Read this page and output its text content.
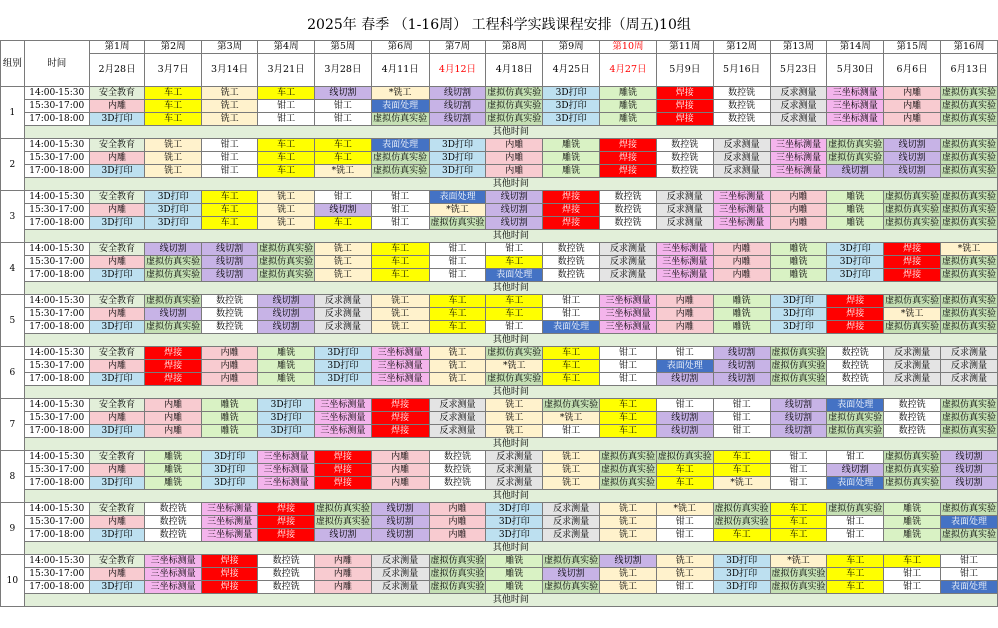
2025年 春季 （1-16周） 工程科学实践课程安排（周五)10组
组别	时间	第1周	第2周	第3周	第4周	第5周	第6周	第7周	第8周	第9周	第10周	第11周	第12周	第13周	第14周	第15周	第16周
		2月28日	3月7日	3月14日	3月21日	3月28日	4月11日	4月12日	4月18日	4月25日	4月27日	5月9日	5月16日	5月23日	5月30日	6月6日	6月13日
1	14:00-15:30	安全教育	车工	铣工	车工	线切割	*铣工	线切割	虚拟仿真实验	3D打印	雕铣	焊接	数控铣	反求测量	三坐标测量	内雕	虚拟仿真实验
	15:30-17:00	内雕	车工	铣工	钳工	钳工	表面处理	线切割	虚拟仿真实验	3D打印	雕铣	焊接	数控铣	反求测量	三坐标测量	内雕	虚拟仿真实验
	17:00-18:00	3D打印	车工	铣工	钳工	钳工	虚拟仿真实验	线切割	虚拟仿真实验	3D打印	雕铣	焊接	数控铣	反求测量	三坐标测量	内雕	虚拟仿真实验
	其他时间																
2	14:00-15:30	安全教育	铣工	钳工	车工	车工	表面处理	3D打印	内雕	雕铣	焊接	数控铣	反求测量	三坐标测量	虚拟仿真实验	线切割	虚拟仿真实验
	15:30-17:00	内雕	铣工	钳工	车工	车工	虚拟仿真实验	3D打印	内雕	雕铣	焊接	数控铣	反求测量	三坐标测量	虚拟仿真实验	线切割	虚拟仿真实验
	17:00-18:00	3D打印	铣工	钳工	车工	*铣工	虚拟仿真实验	3D打印	内雕	雕铣	焊接	数控铣	反求测量	三坐标测量	线切割	线切割	虚拟仿真实验
	其他时间																
3	14:00-15:30	安全教育	3D打印	车工	铣工	钳工	钳工	表面处理	线切割	焊接	数控铣	反求测量	三坐标测量	内雕	雕铣	虚拟仿真实验	虚拟仿真实验
	15:30-17:00	内雕	3D打印	车工	铣工	线切割	钳工	*铣工	线切割	焊接	数控铣	反求测量	三坐标测量	内雕	雕铣	虚拟仿真实验	虚拟仿真实验
	17:00-18:00	3D打印	3D打印	车工	铣工	车工	钳工	虚拟仿真实验	线切割	焊接	数控铣	反求测量	三坐标测量	内雕	雕铣	虚拟仿真实验	虚拟仿真实验
	其他时间																
4	14:00-15:30	安全教育	线切割	线切割	虚拟仿真实验	铣工	车工	钳工	钳工	数控铣	反求测量	三坐标测量	内雕	雕铣	3D打印	焊接	*铣工
	15:30-17:00	内雕	虚拟仿真实验	线切割	虚拟仿真实验	铣工	车工	钳工	车工	数控铣	反求测量	三坐标测量	内雕	雕铣	3D打印	焊接	虚拟仿真实验
	17:00-18:00	3D打印	虚拟仿真实验	线切割	虚拟仿真实验	铣工	车工	钳工	表面处理	数控铣	反求测量	三坐标测量	内雕	雕铣	3D打印	焊接	虚拟仿真实验
	其他时间																
5	14:00-15:30	安全教育	虚拟仿真实验	数控铣	线切割	反求测量	铣工	车工	车工	钳工	三坐标测量	内雕	雕铣	3D打印	焊接	虚拟仿真实验	虚拟仿真实验
	15:30-17:00	内雕	线切割	数控铣	线切割	反求测量	铣工	车工	车工	钳工	三坐标测量	内雕	雕铣	3D打印	焊接	*铣工	虚拟仿真实验
	17:00-18:00	3D打印	虚拟仿真实验	数控铣	线切割	反求测量	铣工	车工	钳工	表面处理	三坐标测量	内雕	雕铣	3D打印	焊接	虚拟仿真实验	虚拟仿真实验
	其他时间																
6	14:00-15:30	安全教育	焊接	内雕	雕铣	3D打印	三坐标测量	铣工	虚拟仿真实验	车工	钳工	钳工	线切割	虚拟仿真实验	数控铣	反求测量	反求测量
	15:30-17:00	内雕	焊接	内雕	雕铣	3D打印	三坐标测量	铣工	*铣工	车工	钳工	表面处理	线切割	虚拟仿真实验	数控铣	反求测量	反求测量
	17:00-18:00	3D打印	焊接	内雕	雕铣	3D打印	三坐标测量	铣工	虚拟仿真实验	车工	钳工	线切割	线切割	虚拟仿真实验	数控铣	反求测量	反求测量
	其他时间																
7	14:00-15:30	安全教育	内雕	雕铣	3D打印	三坐标测量	焊接	反求测量	铣工	虚拟仿真实验	车工	钳工	钳工	线切割	表面处理	数控铣	虚拟仿真实验
	15:30-17:00	内雕	内雕	雕铣	3D打印	三坐标测量	焊接	反求测量	铣工	*铣工	车工	线切割	钳工	线切割	虚拟仿真实验	数控铣	虚拟仿真实验
	17:00-18:00	3D打印	内雕	雕铣	3D打印	三坐标测量	焊接	反求测量	铣工	钳工	车工	线切割	钳工	线切割	虚拟仿真实验	数控铣	虚拟仿真实验
	其他时间																
8	14:00-15:30	安全教育	雕铣	3D打印	三坐标测量	焊接	内雕	数控铣	反求测量	铣工	虚拟仿真实验	虚拟仿真实验	车工	钳工	钳工	虚拟仿真实验	线切割
	15:30-17:00	内雕	雕铣	3D打印	三坐标测量	焊接	内雕	数控铣	反求测量	铣工	虚拟仿真实验	车工	车工	钳工	线切割	虚拟仿真实验	线切割
	17:00-18:00	3D打印	雕铣	3D打印	三坐标测量	焊接	内雕	数控铣	反求测量	铣工	虚拟仿真实验	车工	*铣工	钳工	表面处理	虚拟仿真实验	线切割
	其他时间																
9	14:00-15:30	安全教育	数控铣	三坐标测量	焊接	虚拟仿真实验	线切割	内雕	3D打印	反求测量	铣工	*铣工	虚拟仿真实验	车工	虚拟仿真实验	雕铣	虚拟仿真实验
	15:30-17:00	内雕	数控铣	三坐标测量	焊接	虚拟仿真实验	线切割	内雕	3D打印	反求测量	铣工	钳工	虚拟仿真实验	车工	钳工	雕铣	表面处理
	17:00-18:00	3D打印	数控铣	三坐标测量	焊接	线切割	线切割	内雕	3D打印	反求测量	铣工	钳工	车工	车工	钳工	雕铣	虚拟仿真实验
	其他时间																
10	14:00-15:30	安全教育	三坐标测量	焊接	数控铣	内雕	反求测量	虚拟仿真实验	雕铣	虚拟仿真实验	线切割	铣工	3D打印	*铣工	车工	车工	钳工
	15:30-17:00	内雕	三坐标测量	焊接	数控铣	内雕	反求测量	虚拟仿真实验	雕铣	线切割	铣工	铣工	3D打印	虚拟仿真实验	车工	钳工	钳工
	17:00-18:00	3D打印	三坐标测量	焊接	数控铣	内雕	反求测量	虚拟仿真实验	雕铣	虚拟仿真实验	铣工	钳工	3D打印	虚拟仿真实验	车工	钳工	表面处理
	其他时间																
